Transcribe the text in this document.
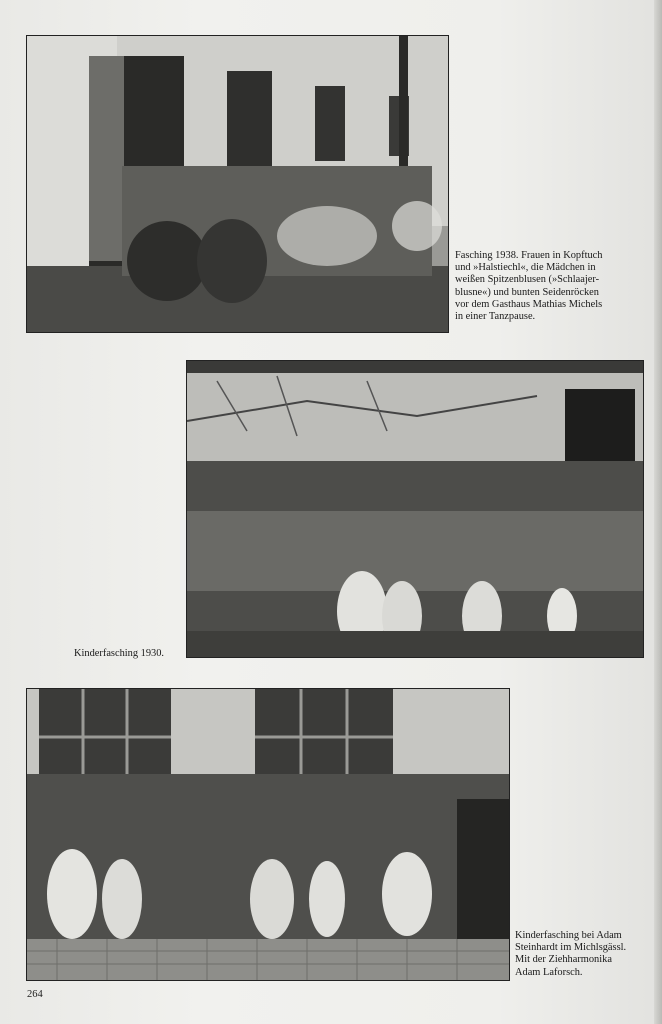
Fasching 1938. Frauen in Kopftuch

und »Halstiechl«, die Mädchen in

weißen Spitzenblusen (»Schlaajer-

blusne«) und bunten Seidenröcken

vor dem Gasthaus Mathias Michels

in einer Tanzpause.

Kinderfasching 1930.

Kinderfasching bei Adam

Steinhardt im Michlsgässl.

Mit der Ziehharmonika

Adam Laforsch.

264
